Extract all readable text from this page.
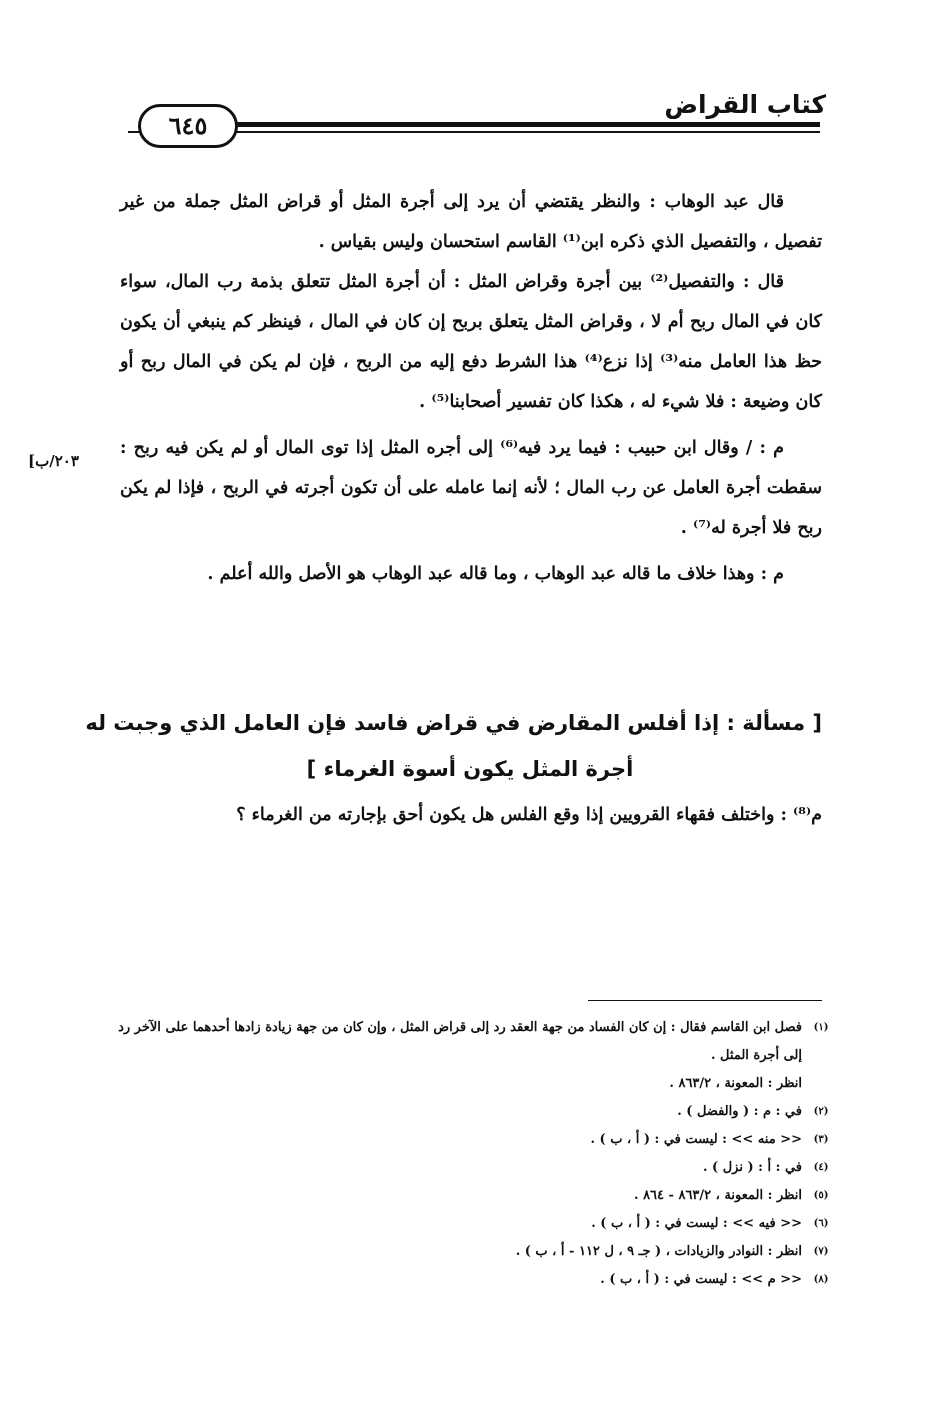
كتاب القراض
٦٤٥

قال عبد الوهاب : والنظر يقتضي أن يرد إلى أجرة المثل أو قراض المثل جملة من غير تفصيل ، والتفصيل الذي ذكره ابن⁽¹⁾ القاسم استحسان وليس بقياس .

قال : والتفصيل⁽²⁾ بين أجرة وقراض المثل : أن أجرة المثل تتعلق بذمة رب المال، سواء كان في المال ربح أم لا ، وقراض المثل يتعلق بربح إن كان في المال ، فينظر كم ينبغي أن يكون حظ هذا العامل منه⁽³⁾ إذا نزع⁽⁴⁾ هذا الشرط دفع إليه من الربح ، فإن لم يكن في المال ربح أو كان وضيعة : فلا شيء له ، هكذا كان تفسير أصحابنا⁽⁵⁾ .

م : / وقال ابن حبيب : فيما يرد فيه⁽⁶⁾ إلى أجره المثل إذا توى المال أو لم يكن فيه ربح : سقطت أجرة العامل عن رب المال ؛ لأنه إنما عامله على أن تكون أجرته في الربح ، فإذا لم يكن ربح فلا أجرة له⁽⁷⁾ .

م : وهذا خلاف ما قاله عبد الوهاب ، وما قاله عبد الوهاب هو الأصل والله أعلم .

[٢٠٣/ب
[ مسألة : إذا أفلس المقارض في قراض فاسد فإن العامل الذي وجبت له
أجرة المثل يكون أسوة الغرماء ]
م⁽⁸⁾ : واختلف فقهاء القرويين إذا وقع الفلس هل يكون أحق بإجارته من الغرماء ؟
(١)
فصل ابن القاسم فقال : إن كان الفساد من جهة العقد رد إلى قراض المثل ، وإن كان من جهة زيادة زادها أحدهما على الآخر رد إلى أجرة المثل .
انظر : المعونة ، ٨٦٣/٢ .
(٢)
في : م : ( والفضل ) .
(٣)
<< منه >> : ليست في : ( أ ، ب ) .
(٤)
في : أ : ( نزل ) .
(٥)
انظر : المعونة ، ٨٦٣/٢ - ٨٦٤ .
(٦)
<< فيه >> : ليست في : ( أ ، ب ) .
(٧)
انظر : النوادر والزيادات ، ( جـ ٩ ، ل ١١٢ - أ ، ب ) .
(٨)
<< م >> : ليست في : ( أ ، ب ) .
